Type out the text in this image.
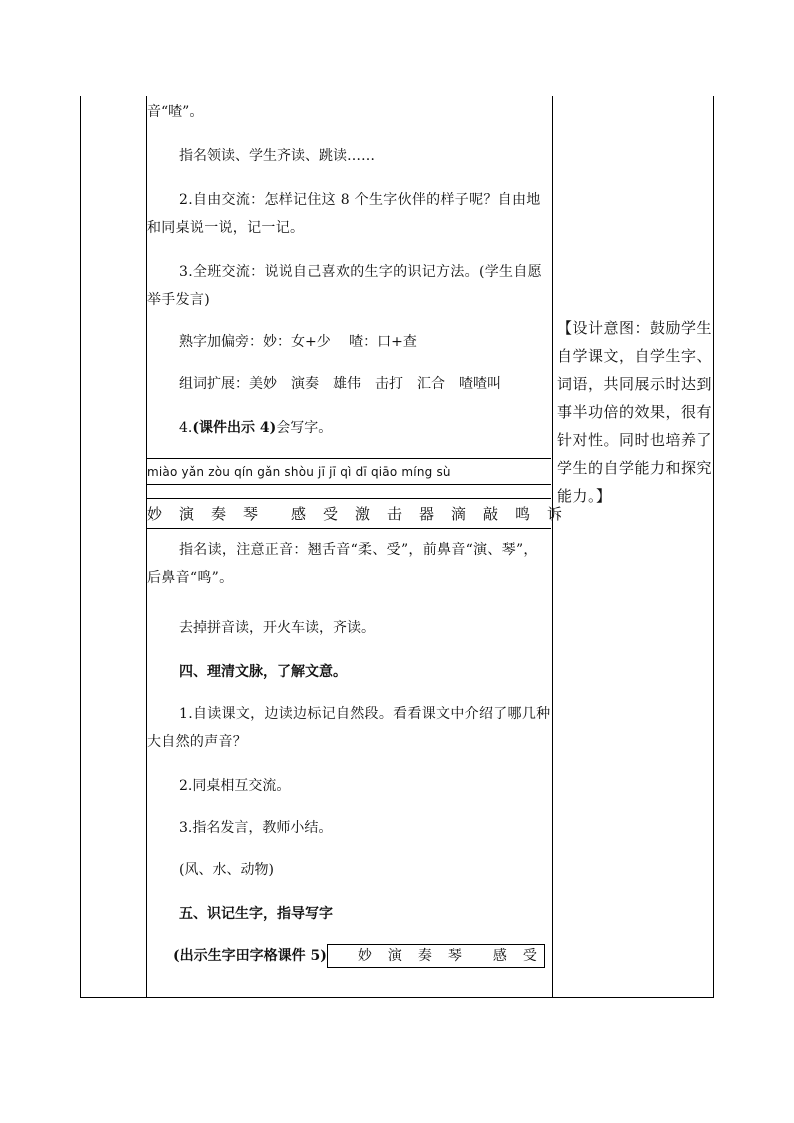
音“喳”。
指名领读、学生齐读、跳读……
2.自由交流：怎样记住这 8 个生字伙伴的样子呢？自由地和同桌说一说，记一记。
3.全班交流：说说自己喜欢的生字的识记方法。(学生自愿举手发言)
熟字加偏旁：妙：女+少　 喳：口+查
组词扩展：美妙　演奏　雄伟　击打　汇合　喳喳叫
4.(课件出示 4)会写字。
miào yǎn zòu qín gǎn shòu jī jī qì dī qiāo míng sù
妙　演　奏　琴　　感　受　激　击　器　滴　敲　鸣　诉
指名读，注意正音：翘舌音“柔、受”，前鼻音“演、琴”，后鼻音“鸣”。
去掉拼音读，开火车读，齐读。
四、理清文脉，了解文意。
1.自读课文，边读边标记自然段。看看课文中介绍了哪几种大自然的声音？
2.同桌相互交流。
3.指名发言，教师小结。
(风、水、动物)
五、识记生字，指导写字
(出示生字田字格课件 5) 妙　演　奏　琴　　感　受
【设计意图：鼓励学生自学课文，自学生字、词语，共同展示时达到事半功倍的效果，很有针对性。同时也培养了学生的自学能力和探究能力。】
